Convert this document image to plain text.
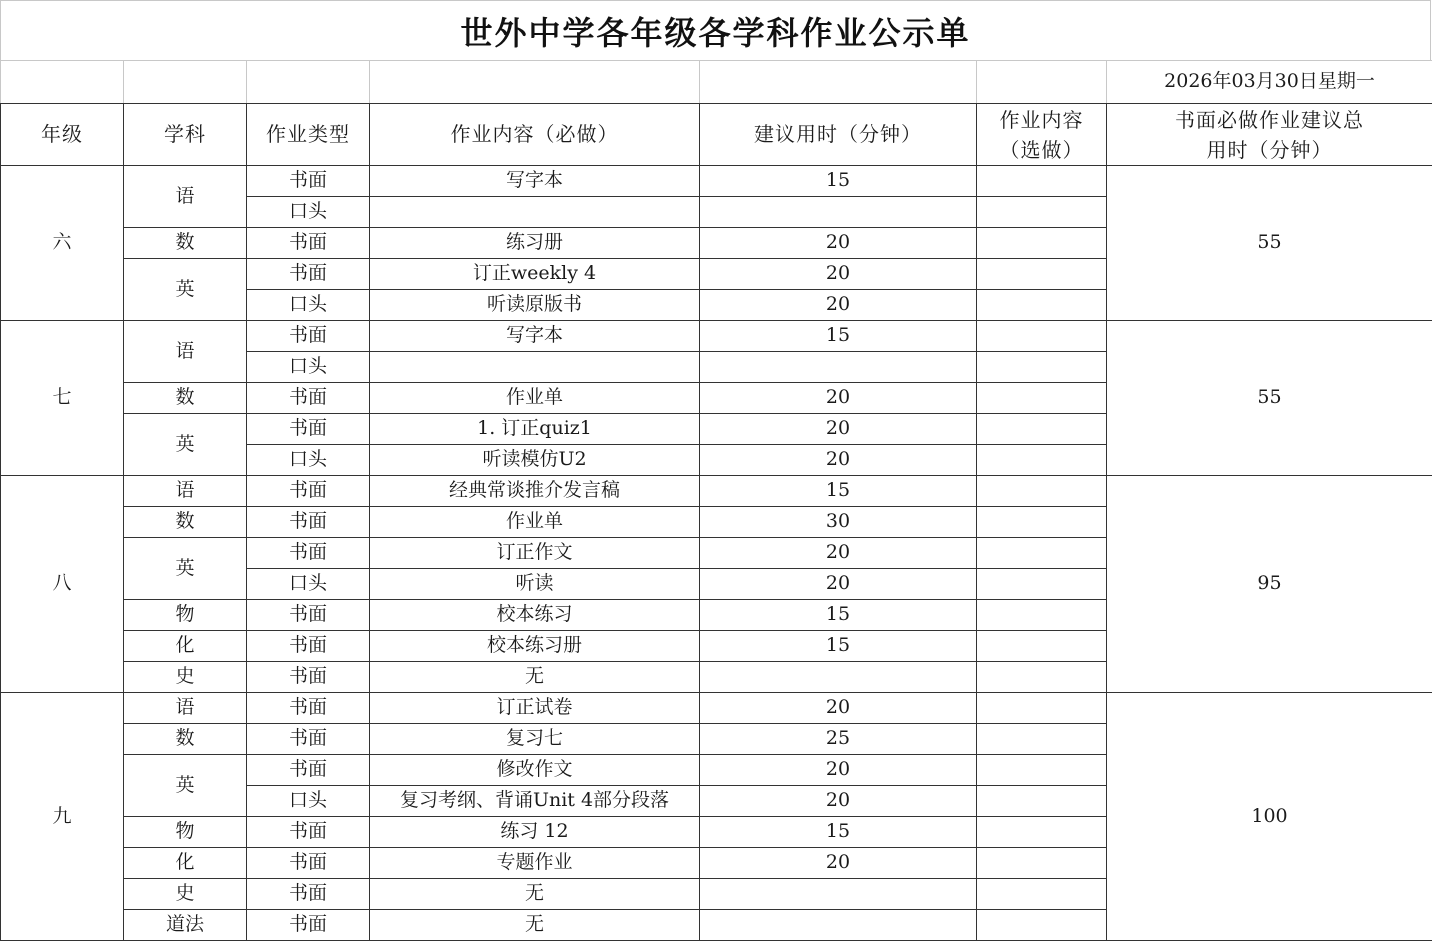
世外中学各年级各学科作业公示单
						2026年03月30日星期一
年级	学科	作业类型	作业内容（必做）	建议用时（分钟）	作业内容（选做）	书面必做作业建议总用时（分钟）
六	语	书面	写字本	15		55
		口头				
	数	书面	练习册	20		
	英	书面	订正weekly 4	20		
		口头	听读原版书	20		
七	语	书面	写字本	15		55
		口头				
	数	书面	作业单	20		
	英	书面	1. 订正quiz1	20		
		口头	听读模仿U2	20		
八	语	书面	经典常谈推介发言稿	15		95
	数	书面	作业单	30		
	英	书面	订正作文	20		
		口头	听读	20		
	物	书面	校本练习	15		
	化	书面	校本练习册	15		
	史	书面	无			
九	语	书面	订正试卷	20		100
	数	书面	复习七	25		
	英	书面	修改作文	20		
		口头	复习考纲、背诵Unit 4部分段落	20		
	物	书面	练习 12	15		
	化	书面	专题作业	20		
	史	书面	无			
	道法	书面	无			
